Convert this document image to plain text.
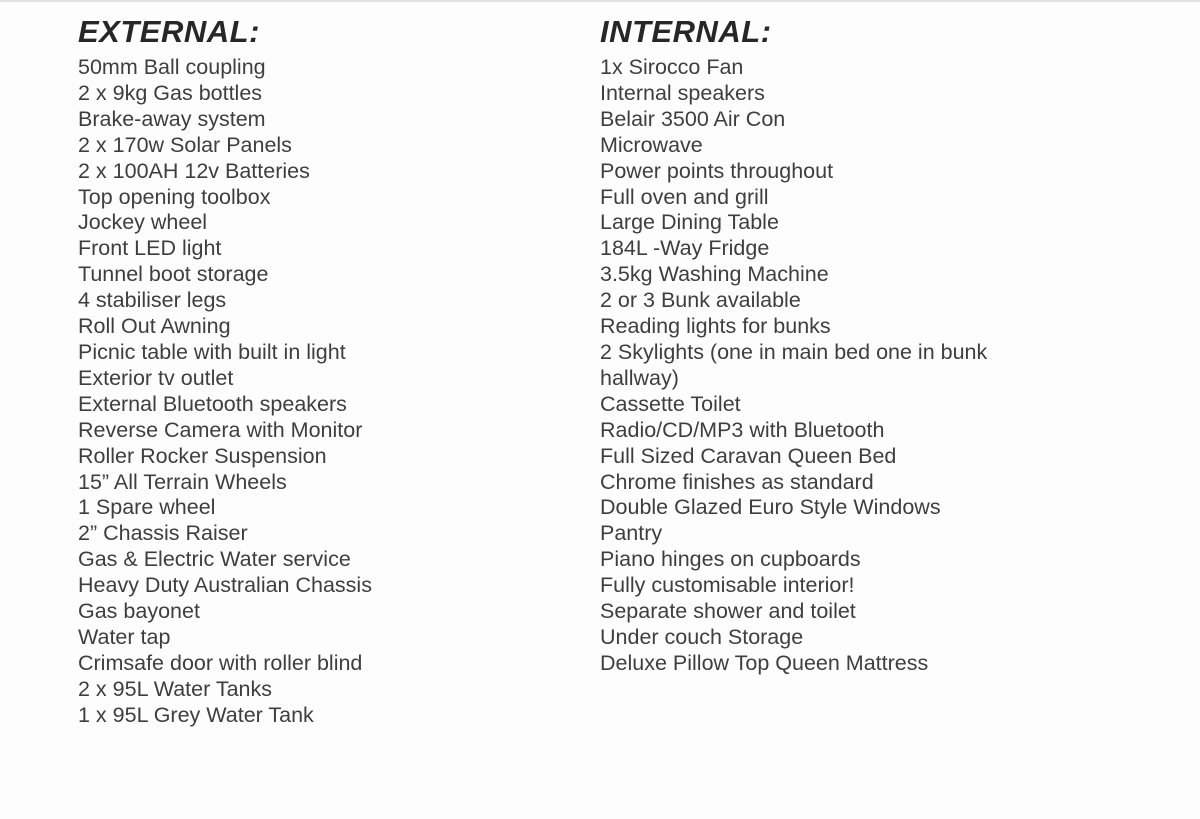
EXTERNAL:
50mm Ball coupling
2 x 9kg Gas bottles
Brake-away system
2 x 170w Solar Panels
2 x 100AH 12v Batteries
Top opening toolbox
Jockey wheel
Front LED light
Tunnel boot storage
4 stabiliser legs
Roll Out Awning
Picnic table with built in light
Exterior tv outlet
External Bluetooth speakers
Reverse Camera with Monitor
Roller Rocker Suspension
15” All Terrain Wheels
1 Spare wheel
2” Chassis Raiser
Gas & Electric Water service
Heavy Duty Australian Chassis
Gas bayonet
Water tap
Crimsafe door with roller blind
2 x 95L Water Tanks
1 x 95L Grey Water Tank
INTERNAL:
1x Sirocco Fan
Internal speakers
Belair 3500 Air Con
Microwave
Power points throughout
Full oven and grill
Large Dining Table
184L -Way Fridge
3.5kg Washing Machine
2 or 3 Bunk available
Reading lights for bunks
2 Skylights (one in main bed one in bunk hallway)
Cassette Toilet
Radio/CD/MP3 with Bluetooth
Full Sized Caravan Queen Bed
Chrome finishes as standard
Double Glazed Euro Style Windows
Pantry
Piano hinges on cupboards
Fully customisable interior!
Separate shower and toilet
Under couch Storage
Deluxe Pillow Top Queen Mattress
